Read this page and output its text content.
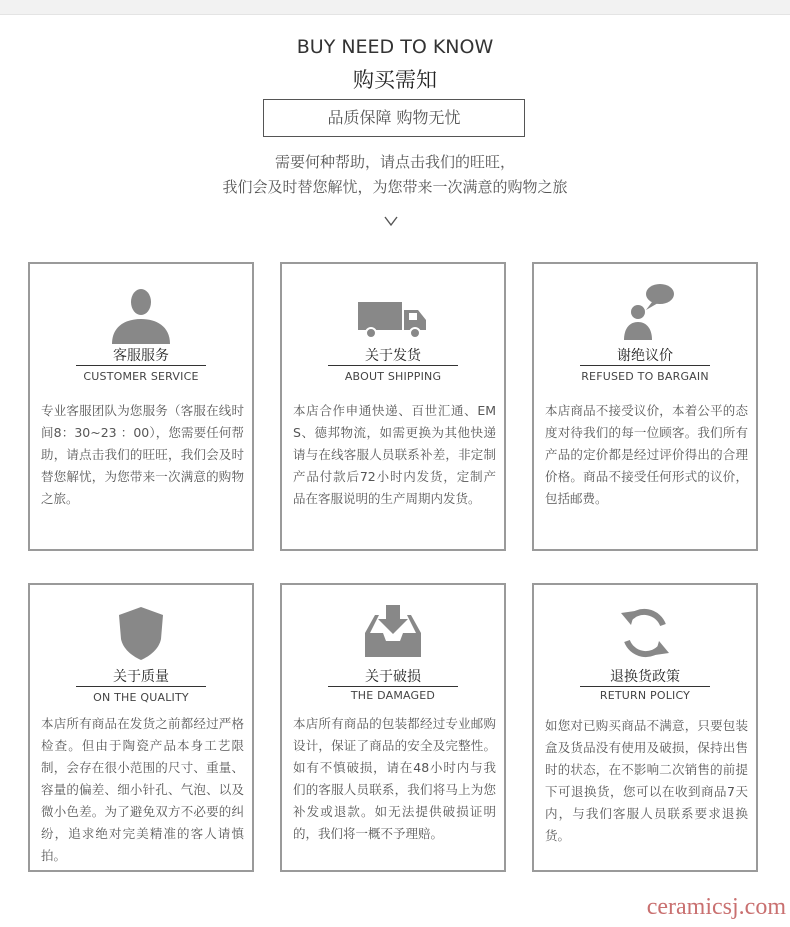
BUY NEED TO KNOW
购买需知
品质保障 购物无忧
需要何种帮助，请点击我们的旺旺，
我们会及时替您解忧，为您带来一次满意的购物之旅
客服服务
CUSTOMER SERVICE
专业客服团队为您服务（客服在线时间8：30~23 ：00），您需要任何帮助，请点击我们的旺旺，我们会及时替您解忧，为您带来一次满意的购物之旅。
关于发货
ABOUT SHIPPING
本店合作申通快递、百世汇通、EMS、德邦物流，如需更换为其他快递请与在线客服人员联系补差，非定制产品付款后72小时内发货，定制产品在客服说明的生产周期内发货。
谢绝议价
REFUSED TO BARGAIN
本店商品不接受议价，本着公平的态度对待我们的每一位顾客。我们所有产品的定价都是经过评价得出的合理价格。商品不接受任何形式的议价，包括邮费。
关于质量
ON THE QUALITY
本店所有商品在发货之前都经过严格检查。但由于陶瓷产品本身工艺限制，会存在很小范围的尺寸、重量、容量的偏差、细小针孔、气泡、以及微小色差。为了避免双方不必要的纠纷，追求绝对完美精准的客人请慎拍。
关于破损
THE DAMAGED
本店所有商品的包装都经过专业邮购设计，保证了商品的安全及完整性。如有不慎破损，请在48小时内与我们的客服人员联系，我们将马上为您补发或退款。如无法提供破损证明的，我们将一概不予理赔。
退换货政策
RETURN POLICY
如您对已购买商品不满意，只要包装盒及货品没有使用及破损，保持出售时的状态，在不影响二次销售的前提下可退换货，您可以在收到商品7天内，与我们客服人员联系要求退换货。
ceramicsj.com
